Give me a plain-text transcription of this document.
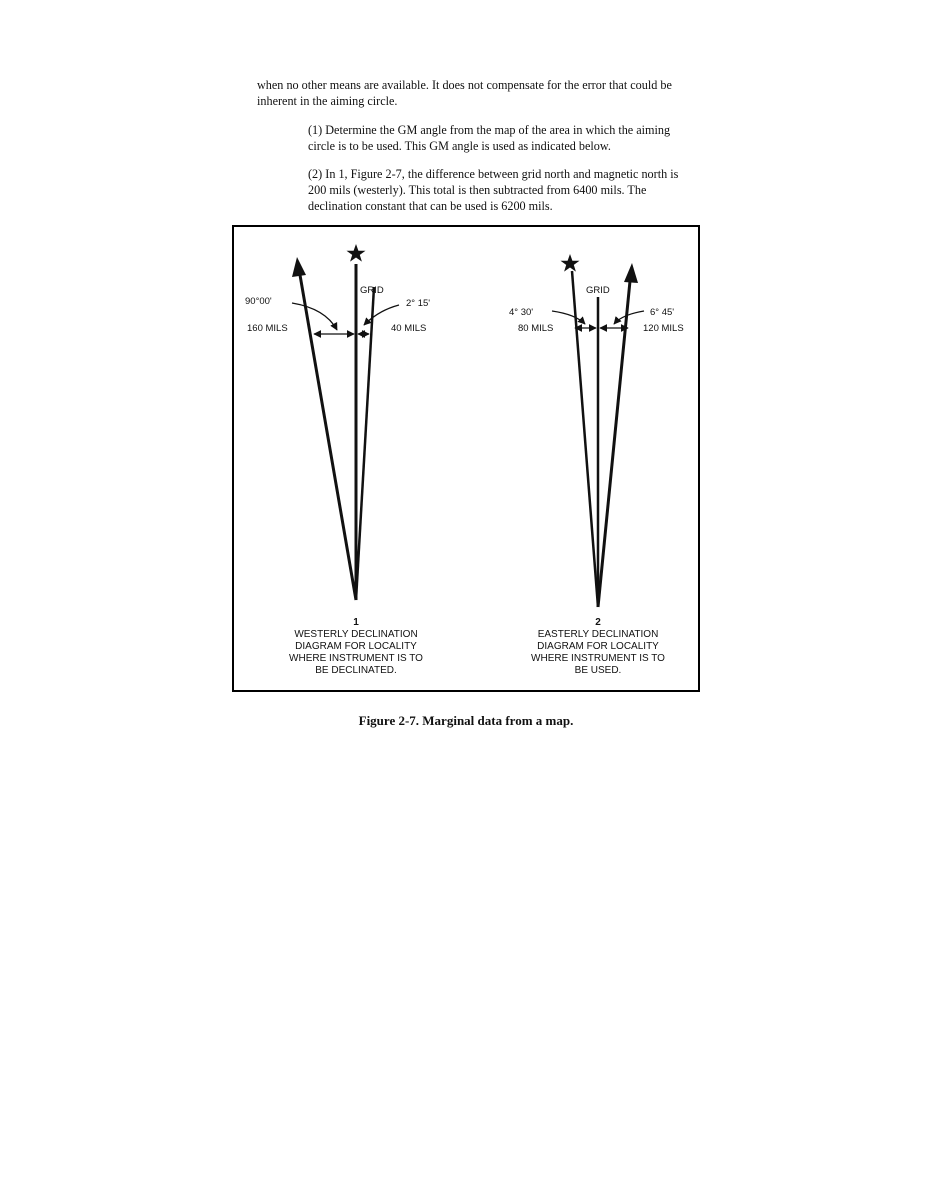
when no other means are available. It does not compensate for the error that could be inherent in the aiming circle.

(1) Determine the GM angle from the map of the area in which the aiming circle is to be used. This GM angle is used as indicated below.

(2) In 1, Figure 2-7, the difference between grid north and magnetic north is 200 mils (westerly). This total is then subtracted from 6400 mils. The declination constant that can be used is 6200 mils.

GRID
90°00'	2° 15'
160 MILS	40 MILS
1
WESTERLY DECLINATION
DIAGRAM FOR LOCALITY
WHERE INSTRUMENT IS TO
BE DECLINATED.
GRID
4° 30'	6° 45'
80 MILS	120 MILS
2
EASTERLY DECLINATION
DIAGRAM FOR LOCALITY
WHERE INSTRUMENT IS TO
BE USED.
Figure 2-7. Marginal data from a map.
